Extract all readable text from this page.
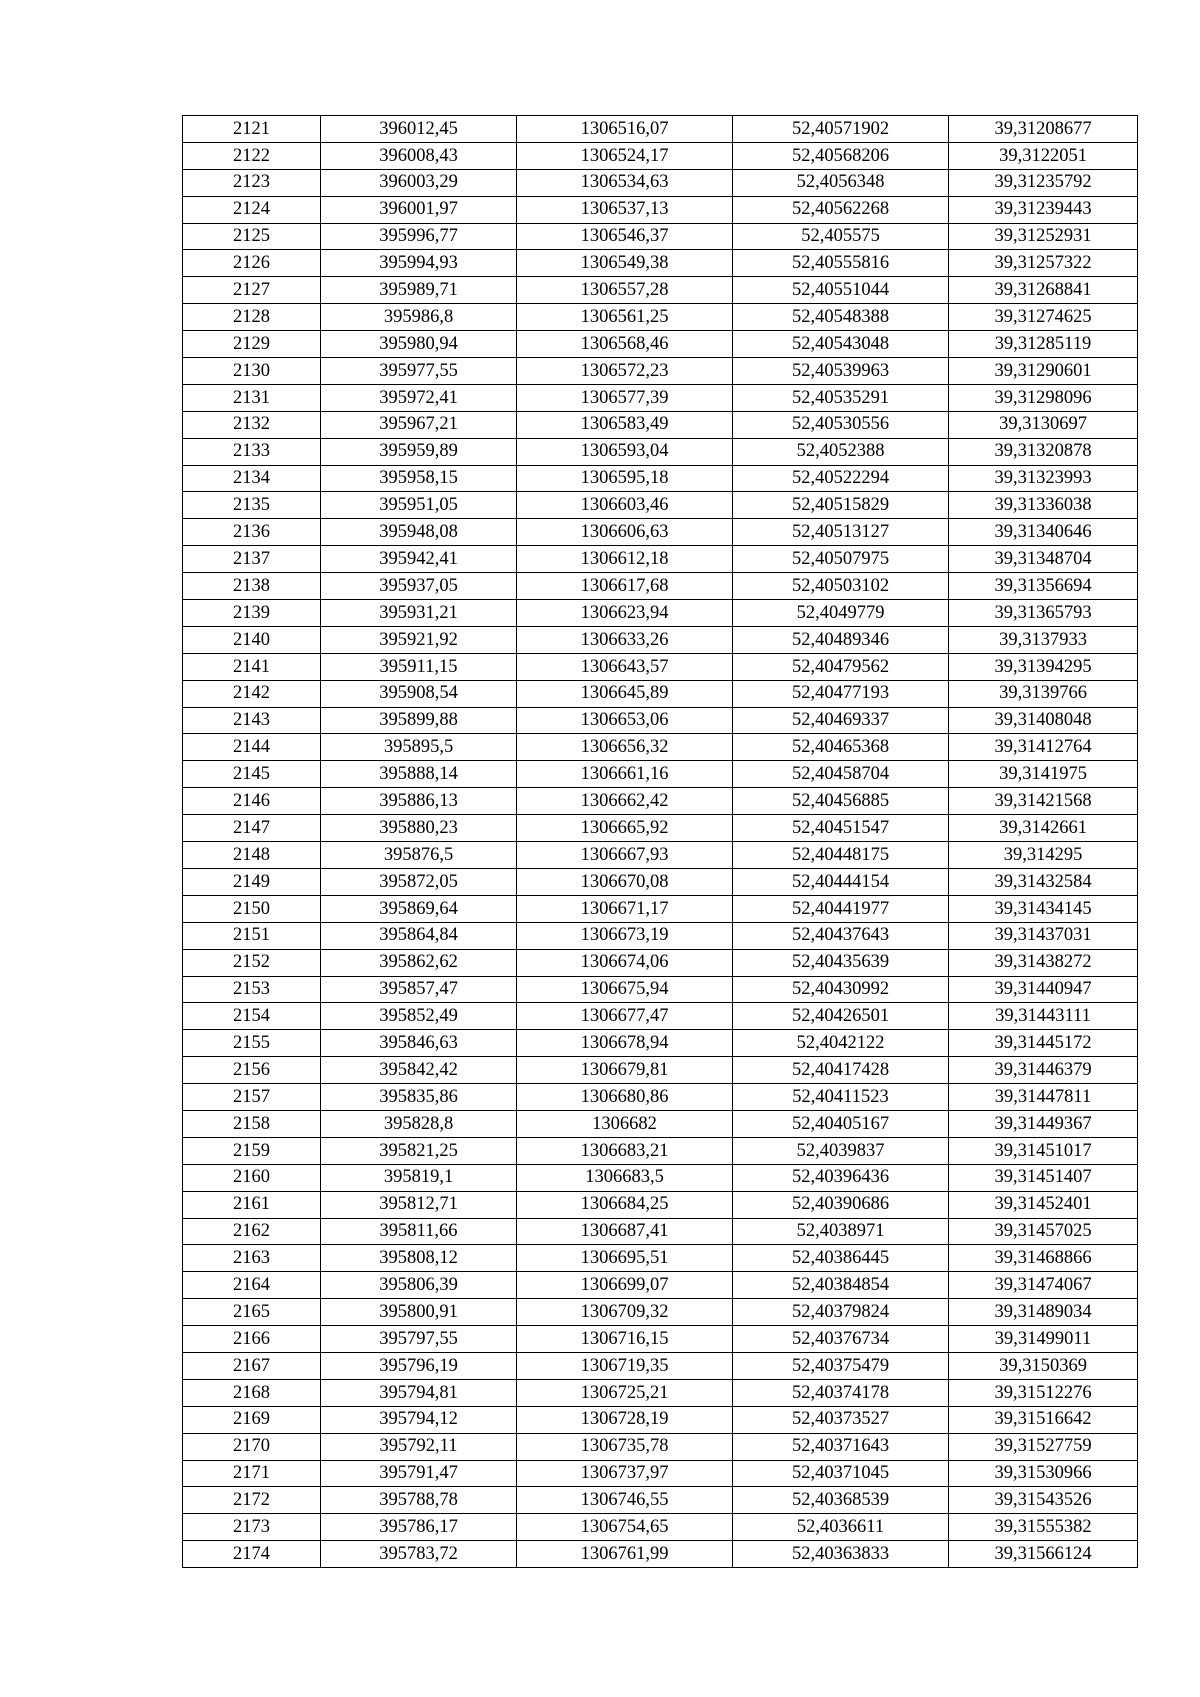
2121	396012,45	1306516,07	52,40571902	39,31208677
2122	396008,43	1306524,17	52,40568206	39,3122051
2123	396003,29	1306534,63	52,4056348	39,31235792
2124	396001,97	1306537,13	52,40562268	39,31239443
2125	395996,77	1306546,37	52,405575	39,31252931
2126	395994,93	1306549,38	52,40555816	39,31257322
2127	395989,71	1306557,28	52,40551044	39,31268841
2128	395986,8	1306561,25	52,40548388	39,31274625
2129	395980,94	1306568,46	52,40543048	39,31285119
2130	395977,55	1306572,23	52,40539963	39,31290601
2131	395972,41	1306577,39	52,40535291	39,31298096
2132	395967,21	1306583,49	52,40530556	39,3130697
2133	395959,89	1306593,04	52,4052388	39,31320878
2134	395958,15	1306595,18	52,40522294	39,31323993
2135	395951,05	1306603,46	52,40515829	39,31336038
2136	395948,08	1306606,63	52,40513127	39,31340646
2137	395942,41	1306612,18	52,40507975	39,31348704
2138	395937,05	1306617,68	52,40503102	39,31356694
2139	395931,21	1306623,94	52,4049779	39,31365793
2140	395921,92	1306633,26	52,40489346	39,3137933
2141	395911,15	1306643,57	52,40479562	39,31394295
2142	395908,54	1306645,89	52,40477193	39,3139766
2143	395899,88	1306653,06	52,40469337	39,31408048
2144	395895,5	1306656,32	52,40465368	39,31412764
2145	395888,14	1306661,16	52,40458704	39,3141975
2146	395886,13	1306662,42	52,40456885	39,31421568
2147	395880,23	1306665,92	52,40451547	39,3142661
2148	395876,5	1306667,93	52,40448175	39,314295
2149	395872,05	1306670,08	52,40444154	39,31432584
2150	395869,64	1306671,17	52,40441977	39,31434145
2151	395864,84	1306673,19	52,40437643	39,31437031
2152	395862,62	1306674,06	52,40435639	39,31438272
2153	395857,47	1306675,94	52,40430992	39,31440947
2154	395852,49	1306677,47	52,40426501	39,31443111
2155	395846,63	1306678,94	52,4042122	39,31445172
2156	395842,42	1306679,81	52,40417428	39,31446379
2157	395835,86	1306680,86	52,40411523	39,31447811
2158	395828,8	1306682	52,40405167	39,31449367
2159	395821,25	1306683,21	52,4039837	39,31451017
2160	395819,1	1306683,5	52,40396436	39,31451407
2161	395812,71	1306684,25	52,40390686	39,31452401
2162	395811,66	1306687,41	52,4038971	39,31457025
2163	395808,12	1306695,51	52,40386445	39,31468866
2164	395806,39	1306699,07	52,40384854	39,31474067
2165	395800,91	1306709,32	52,40379824	39,31489034
2166	395797,55	1306716,15	52,40376734	39,31499011
2167	395796,19	1306719,35	52,40375479	39,3150369
2168	395794,81	1306725,21	52,40374178	39,31512276
2169	395794,12	1306728,19	52,40373527	39,31516642
2170	395792,11	1306735,78	52,40371643	39,31527759
2171	395791,47	1306737,97	52,40371045	39,31530966
2172	395788,78	1306746,55	52,40368539	39,31543526
2173	395786,17	1306754,65	52,4036611	39,31555382
2174	395783,72	1306761,99	52,40363833	39,31566124
